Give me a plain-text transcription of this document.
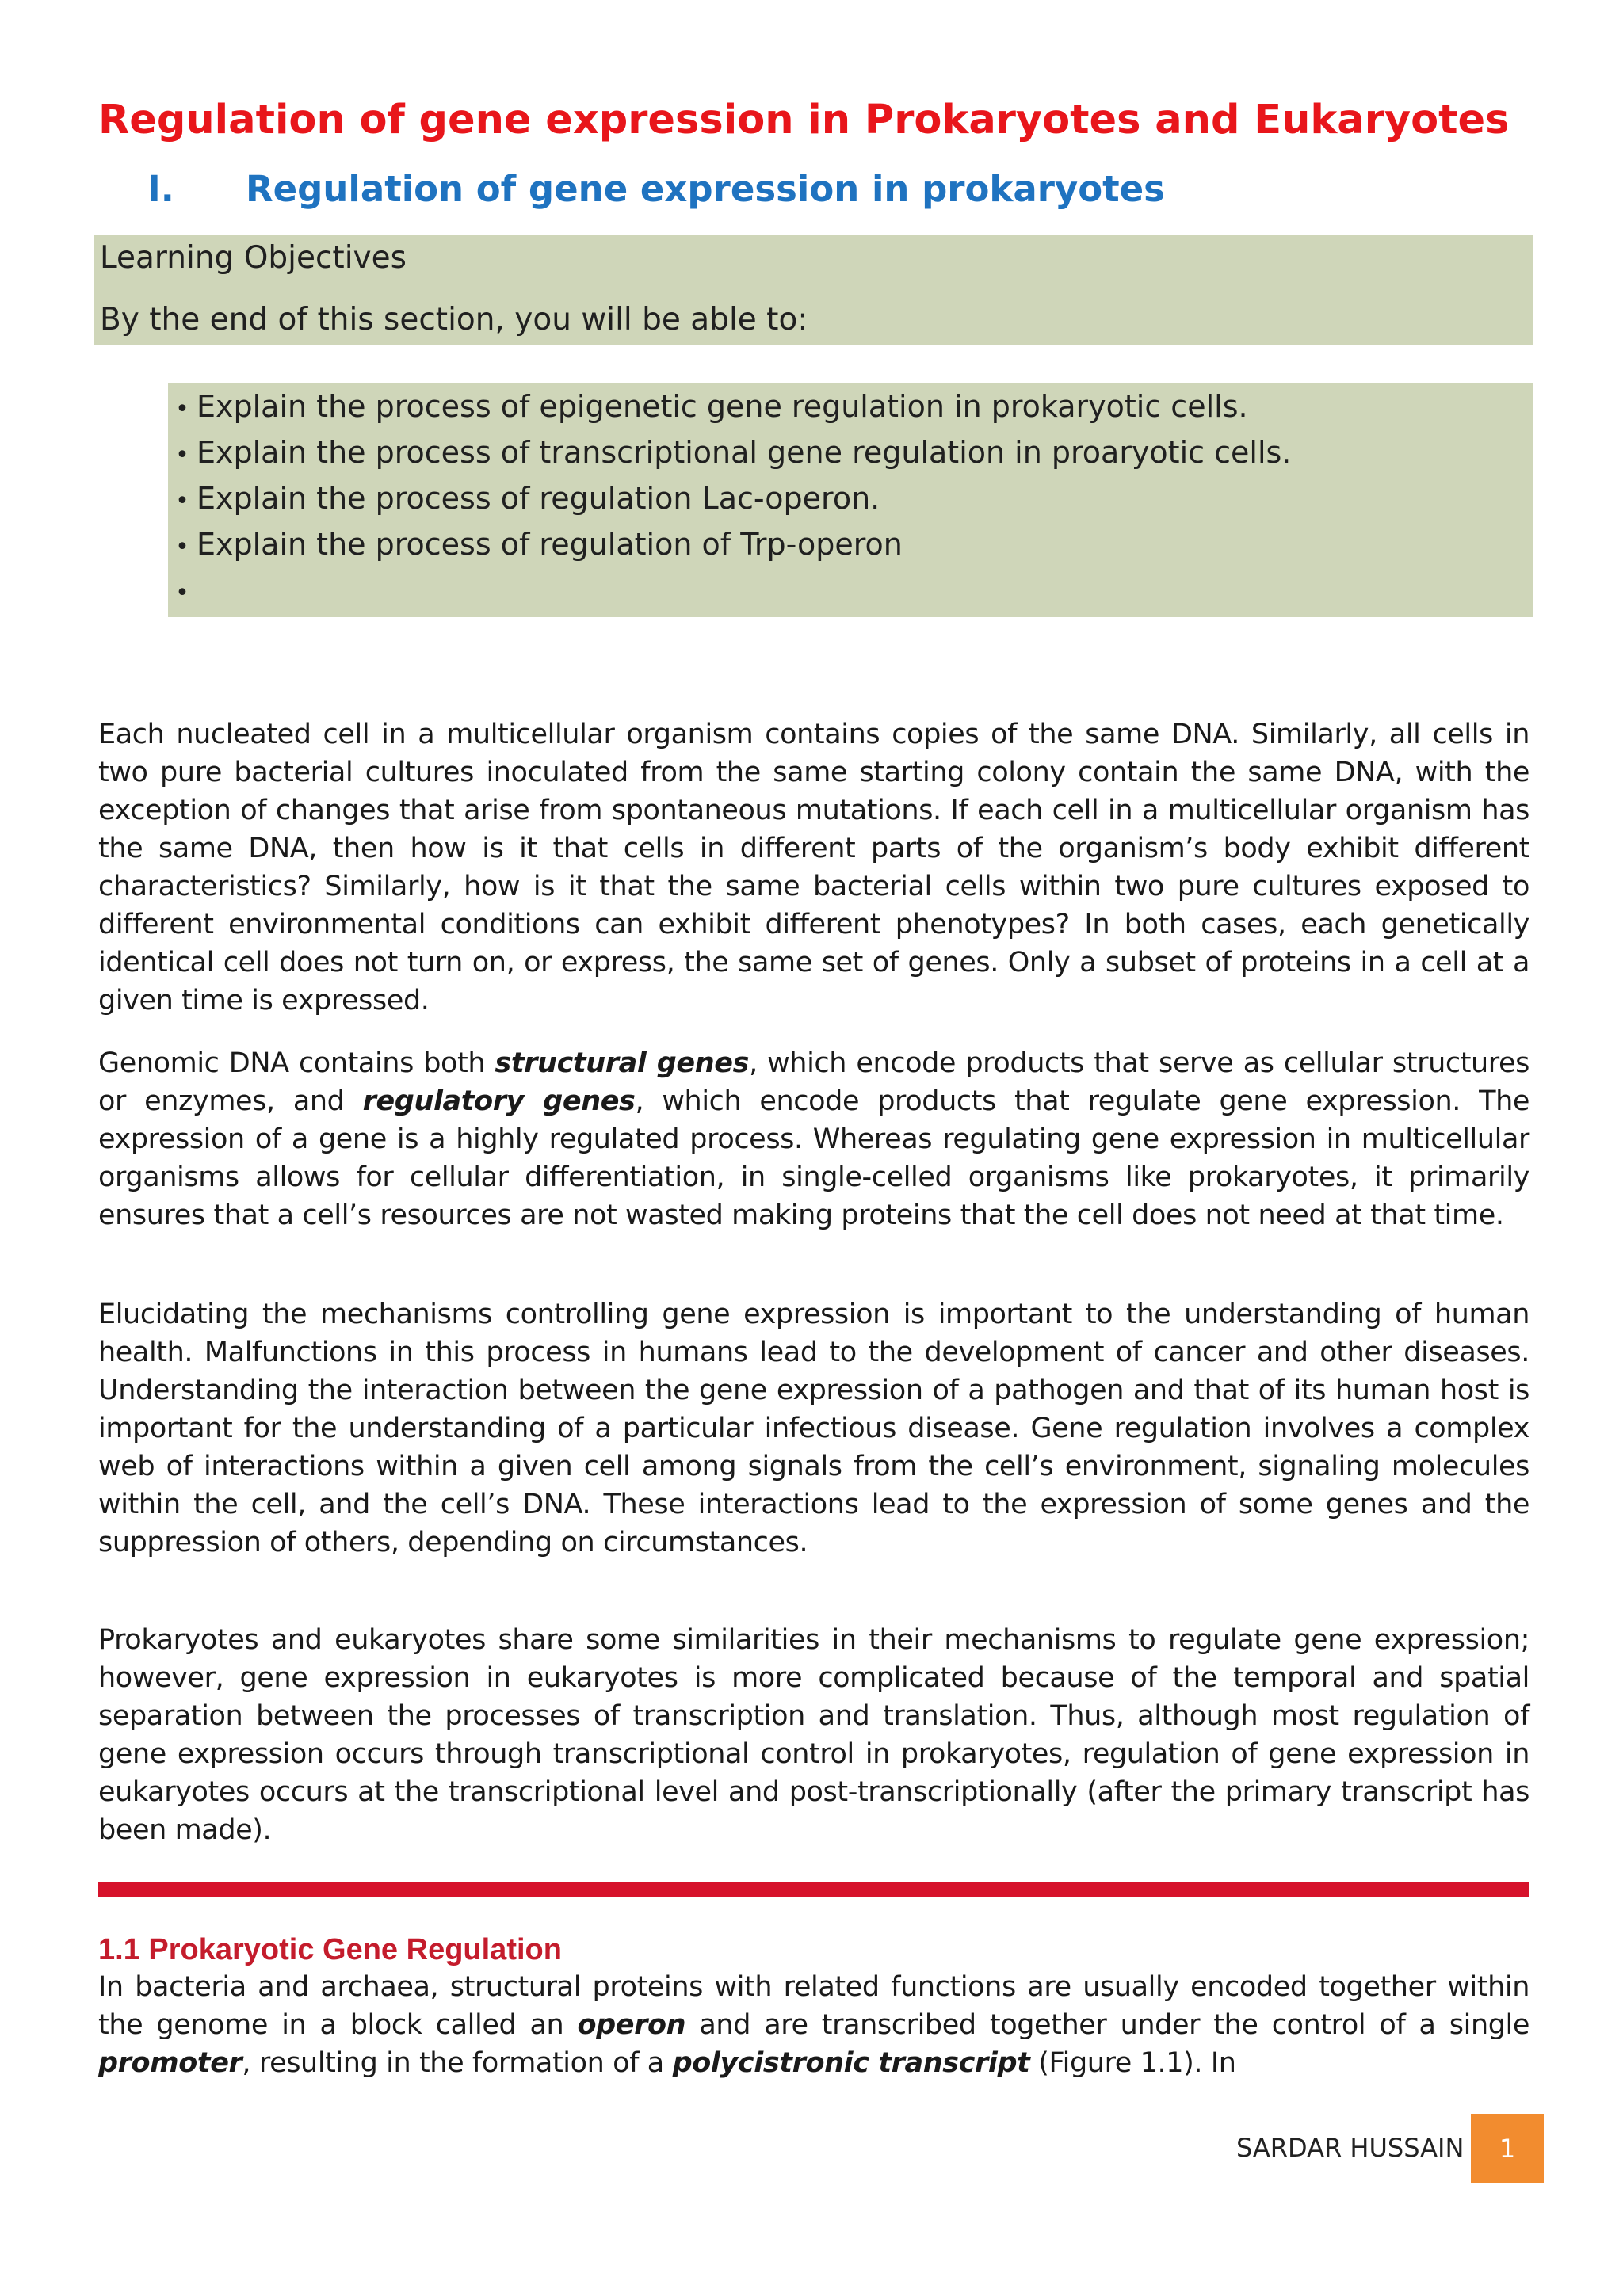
Regulation of gene expression in Prokaryotes and Eukaryotes
I. Regulation of gene expression in prokaryotes

Learning Objectives

By the end of this section, you will be able to:

• Explain the process of epigenetic gene regulation in prokaryotic cells.
• Explain the process of transcriptional gene regulation in proaryotic cells.
• Explain the process of regulation Lac-operon.
• Explain the process of regulation of Trp-operon
•

Each nucleated cell in a multicellular organism contains copies of the same DNA. Similarly, all cells in two pure bacterial cultures inoculated from the same starting colony contain the same DNA, with the exception of changes that arise from spontaneous mutations. If each cell in a multicellular organism has the same DNA, then how is it that cells in different parts of the organism’s body exhibit different characteristics? Similarly, how is it that the same bacterial cells within two pure cultures exposed to different environmental conditions can exhibit different phenotypes? In both cases, each genetically identical cell does not turn on, or express, the same set of genes. Only a subset of proteins in a cell at a given time is expressed.

Genomic DNA contains both structural genes, which encode products that serve as cellular structures or enzymes, and regulatory genes, which encode products that regulate gene expression. The expression of a gene is a highly regulated process. Whereas regulating gene expression in multicellular organisms allows for cellular differentiation, in single-celled organisms like prokaryotes, it primarily ensures that a cell’s resources are not wasted making proteins that the cell does not need at that time.

Elucidating the mechanisms controlling gene expression is important to the understanding of human health. Malfunctions in this process in humans lead to the development of cancer and other diseases. Understanding the interaction between the gene expression of a pathogen and that of its human host is important for the understanding of a particular infectious disease. Gene regulation involves a complex web of interactions within a given cell among signals from the cell’s environment, signaling molecules within the cell, and the cell’s DNA. These interactions lead to the expression of some genes and the suppression of others, depending on circumstances.

Prokaryotes and eukaryotes share some similarities in their mechanisms to regulate gene expression; however, gene expression in eukaryotes is more complicated because of the temporal and spatial separation between the processes of transcription and translation. Thus, although most regulation of gene expression occurs through transcriptional control in prokaryotes, regulation of gene expression in eukaryotes occurs at the transcriptional level and post-transcriptionally (after the primary transcript has been made).

1.1 Prokaryotic Gene Regulation

In bacteria and archaea, structural proteins with related functions are usually encoded together within the genome in a block called an operon and are transcribed together under the control of a single promoter, resulting in the formation of a polycistronic transcript (Figure 1.1). In

SARDAR HUSSAIN	1
